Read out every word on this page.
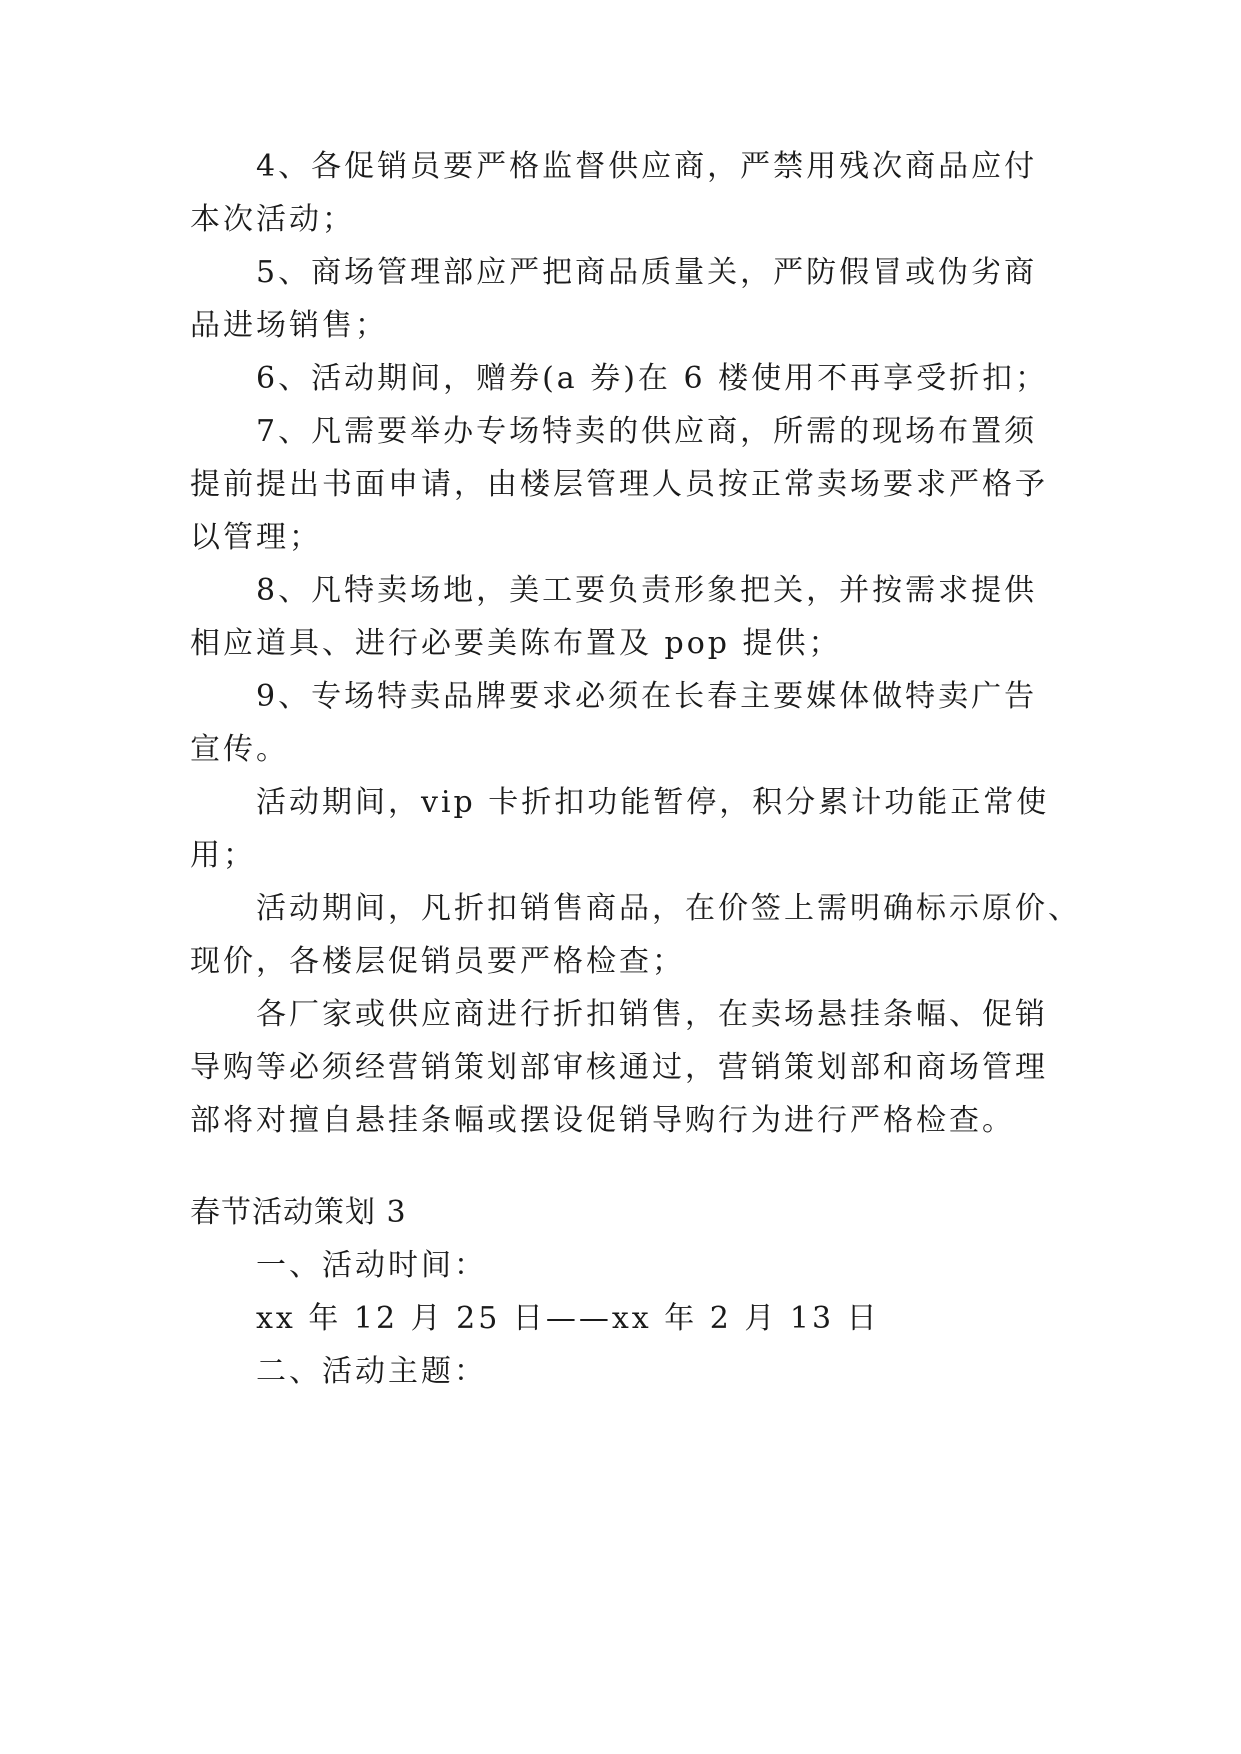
4、各促销员要严格监督供应商，严禁用残次商品应付
本次活动；
5、商场管理部应严把商品质量关，严防假冒或伪劣商
品进场销售；
6、活动期间，赠券(a 券)在 6 楼使用不再享受折扣；
7、凡需要举办专场特卖的供应商，所需的现场布置须
提前提出书面申请，由楼层管理人员按正常卖场要求严格予
以管理；
8、凡特卖场地，美工要负责形象把关，并按需求提供
相应道具、进行必要美陈布置及 pop 提供；
9、专场特卖品牌要求必须在长春主要媒体做特卖广告
宣传。
活动期间，vip 卡折扣功能暂停，积分累计功能正常使
用；
活动期间，凡折扣销售商品，在价签上需明确标示原价、
现价，各楼层促销员要严格检查；
各厂家或供应商进行折扣销售，在卖场悬挂条幅、促销
导购等必须经营销策划部审核通过，营销策划部和商场管理
部将对擅自悬挂条幅或摆设促销导购行为进行严格检查。
春节活动策划 3
一、活动时间：
xx 年 12 月 25 日——xx 年 2 月 13 日
二、活动主题：
